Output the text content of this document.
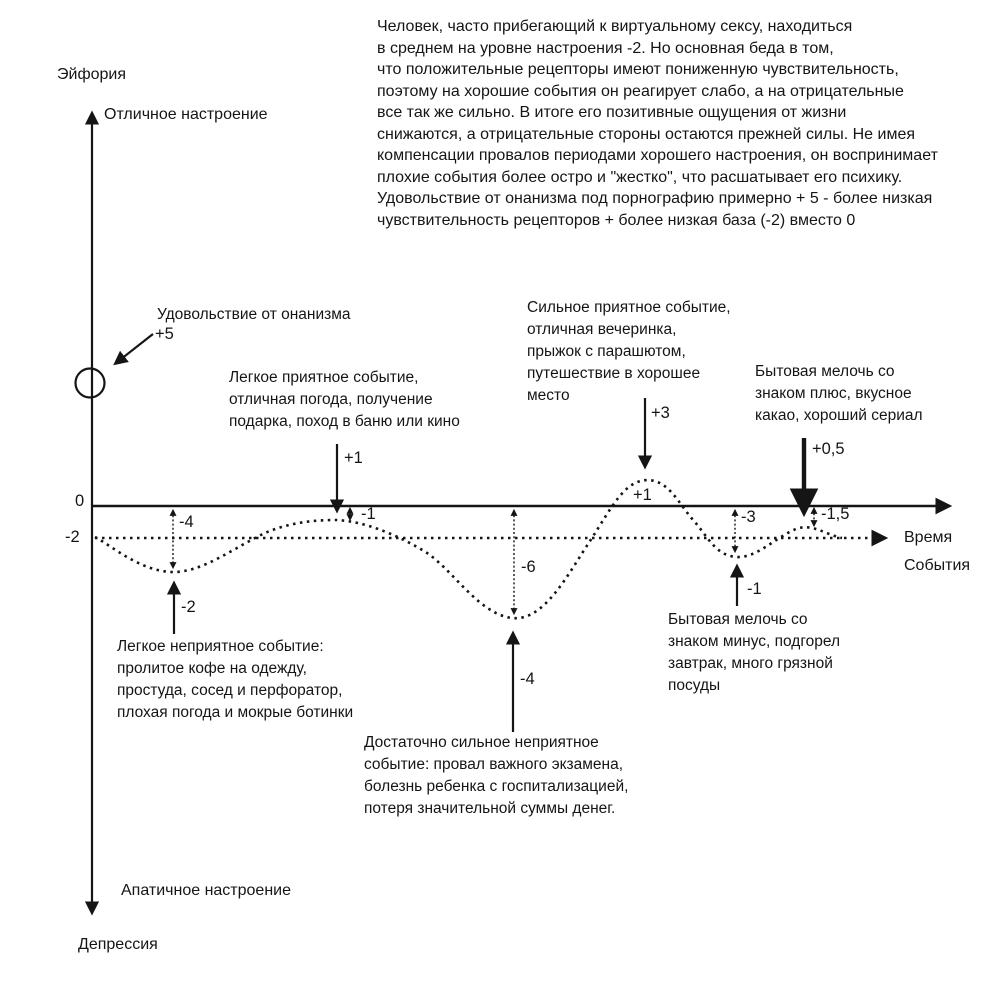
Человек, часто прибегающий к виртуальному сексу, находиться
в среднем на уровне настроения -2. Но основная беда в том,
что положительные рецепторы имеют пониженную чувствительность,
поэтому на хорошие события он реагирует слабо, а на отрицательные
все так же сильно. В итоге его позитивные ощущения от жизни
снижаются, а отрицательные стороны остаются прежней силы. Не имея
компенсации провалов периодами хорошего настроения, он воспринимает
плохие события более остро и "жестко", что расшатывает его психику.
Удовольствие от онанизма под порнографию примерно + 5 - более низкая
чувствительность рецепторов + более низкая база (-2) вместо 0
Эйфория
Отличное настроение
Апатичное настроение
Депрессия
0
-2	Время
События
Удовольствие от онанизма
+5
Легкое приятное событие,
отличная погода, получение
подарка, поход в баню или кино
+1
-1
Сильное приятное событие,
отличная вечеринка,
прыжок с парашютом,
путешествие в хорошее
место
+3
+1
Бытовая мелочь со
знаком плюс, вкусное
какао, хороший сериал
+0,5
-1,5
Легкое неприятное событие:
пролитое кофе на одежду,
простуда, сосед и перфоратор,
плохая погода и мокрые ботинки
-2
-4
Достаточно сильное неприятное
событие: провал важного экзамена,
болезнь ребенка с госпитализацией,
потеря значительной суммы денег.
-4
-6
Бытовая мелочь со
знаком минус, подгорел
завтрак, много грязной
посуды
-1
-3
